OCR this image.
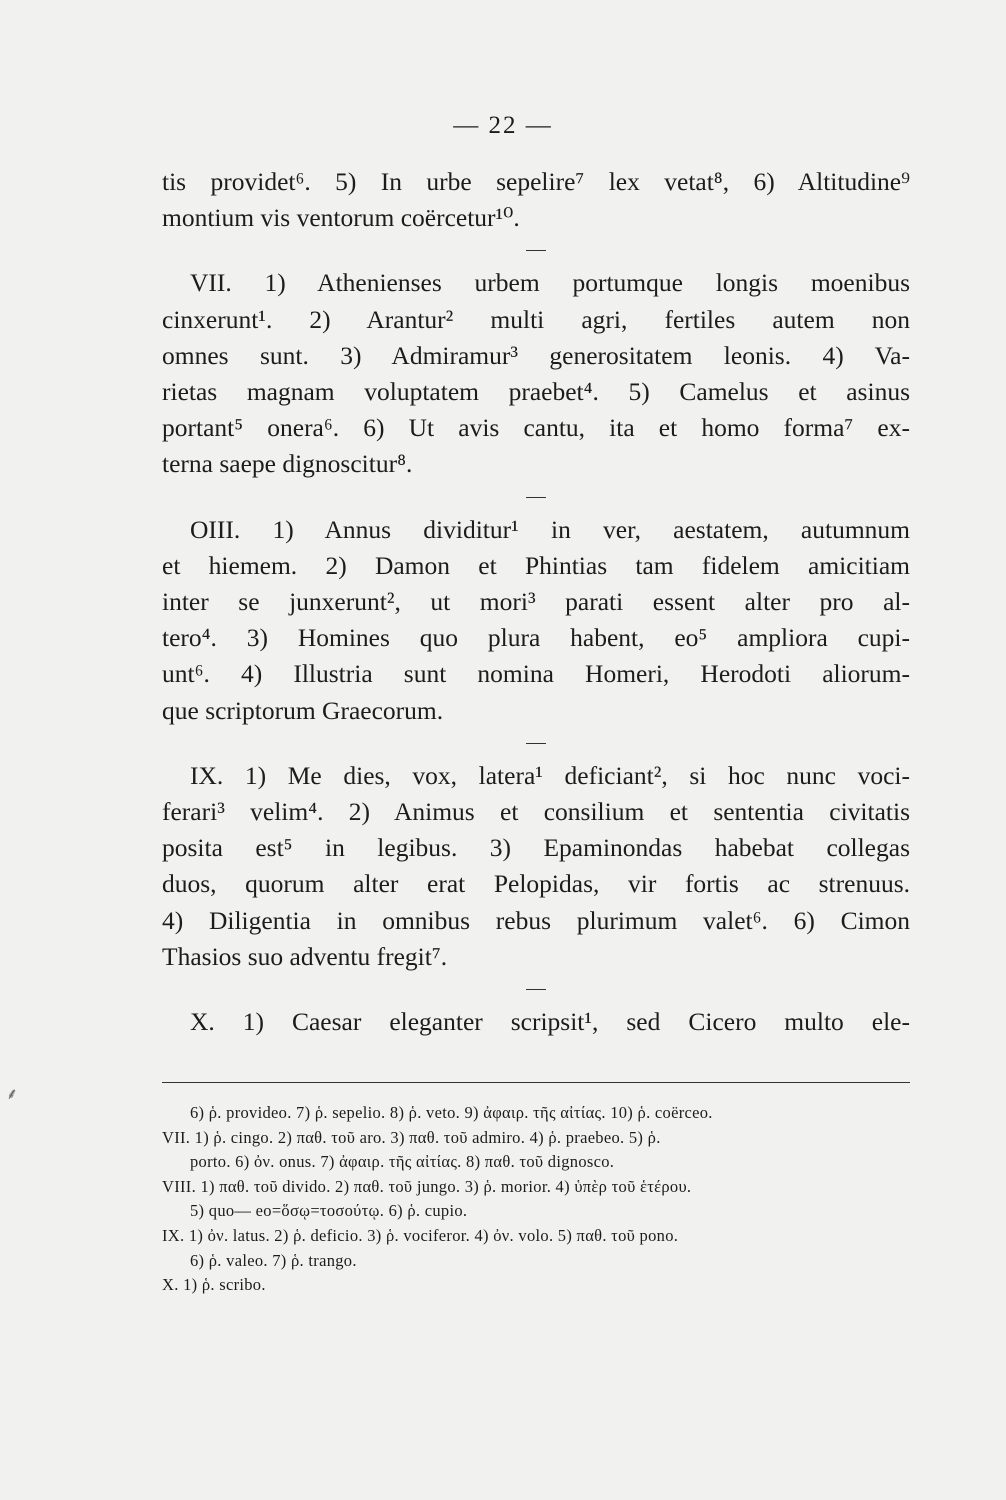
— 22 —

tis providet⁶. 5) In urbe sepelire⁷ lex vetat⁸, 6) Altitudine⁹
montium vis ventorum coërcetur¹⁰.

VII. 1) Athenienses urbem portumque longis moenibus
cinxerunt¹. 2) Arantur² multi agri, fertiles autem non
omnes sunt. 3) Admiramur³ generositatem leonis. 4) Va-
rietas magnam voluptatem praebet⁴. 5) Camelus et asinus
portant⁵ onera⁶. 6) Ut avis cantu, ita et homo forma⁷ ex-
terna saepe dignoscitur⁸.

OIII. 1) Annus dividitur¹ in ver, aestatem, autumnum
et hiemem. 2) Damon et Phintias tam fidelem amicitiam
inter se junxerunt², ut mori³ parati essent alter pro al-
tero⁴. 3) Homines quo plura habent, eo⁵ ampliora cupi-
unt⁶. 4) Illustria sunt nomina Homeri, Herodoti aliorum-
que scriptorum Graecorum.

IX. 1) Me dies, vox, latera¹ deficiant², si hoc nunc voci-
ferari³ velim⁴. 2) Animus et consilium et sententia civitatis
posita est⁵ in legibus. 3) Epaminondas habebat collegas
duos, quorum alter erat Pelopidas, vir fortis ac strenuus.
4) Diligentia in omnibus rebus plurimum valet⁶. 6) Cimon
Thasios suo adventu fregit⁷.

X. 1) Caesar eleganter scripsit¹, sed Cicero multo ele-

⸙
6) ῥ. provideo. 7) ῥ. sepelio. 8) ῥ. veto. 9) ἀφαιρ. τῆς αἰτίας. 10) ῥ. coërceo.
VII. 1) ῥ. cingo. 2) παθ. τοῦ aro. 3) παθ. τοῦ admiro. 4) ῥ. praebeo. 5) ῥ.
porto. 6) ὀν. onus. 7) ἀφαιρ. τῆς αἰτίας. 8) παθ. τοῦ dignosco.
VIII. 1) παθ. τοῦ divido. 2) παθ. τοῦ jungo. 3) ῥ. morior. 4) ὑπὲρ τοῦ ἑτέρου.
5) quo— eo=ὅσῳ=τοσούτῳ. 6) ῥ. cupio.
IX. 1) ὀν. latus. 2) ῥ. deficio. 3) ῥ. vociferor. 4) ὀν. volo. 5) παθ. τοῦ pono.
6) ῥ. valeo. 7) ῥ. trango.
X. 1) ῥ. scribo.
